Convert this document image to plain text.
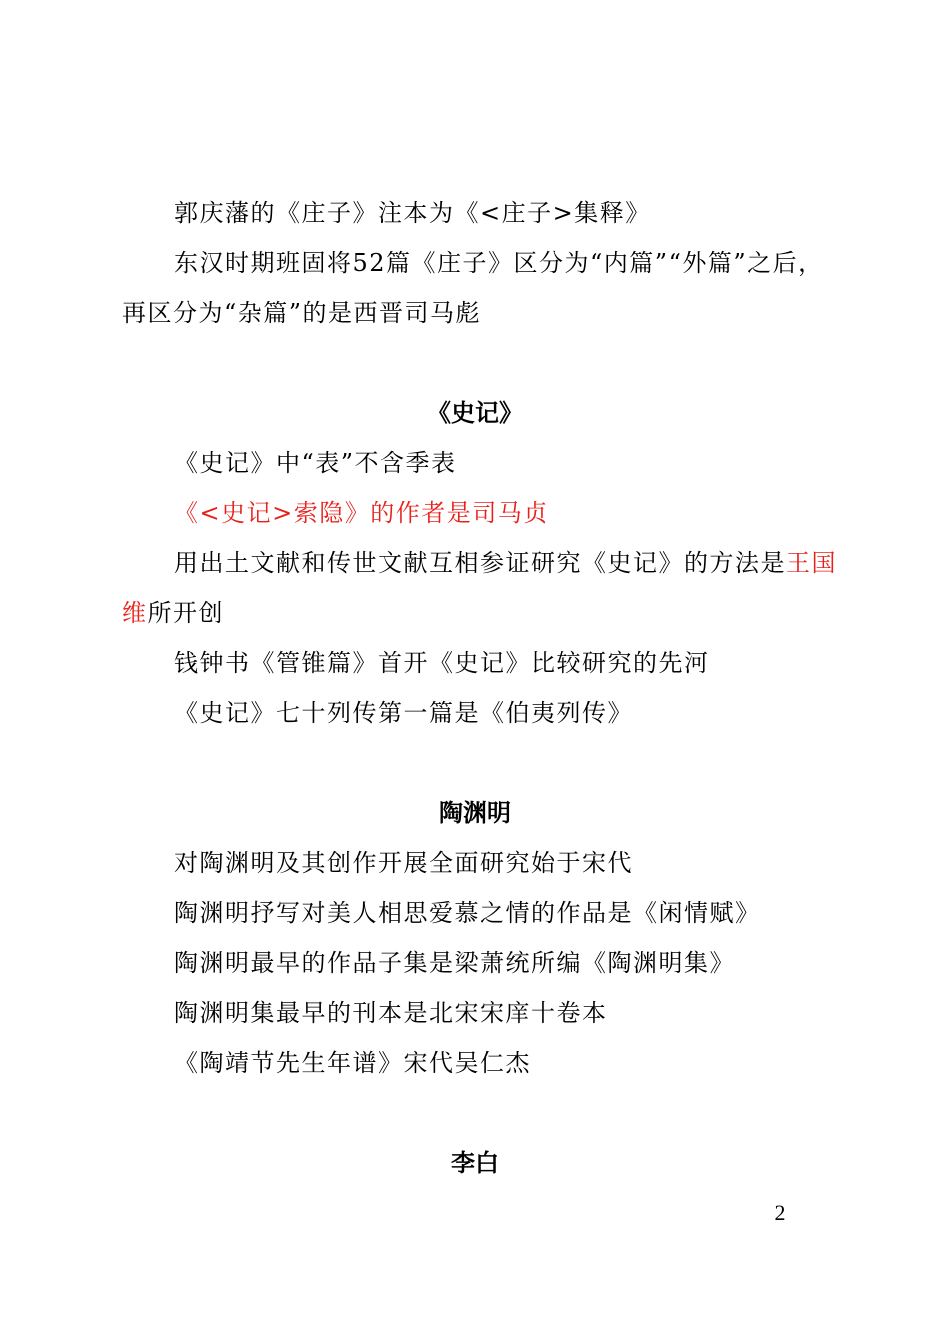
郭庆藩的《庄子》注本为《<庄子>集释》
东汉时期班固将52篇《庄子》区分为“内篇”“外篇”之后，
再区分为“杂篇”的是西晋司马彪
《史记》
《史记》中“表”不含季表
《<史记>索隐》的作者是司马贞
用出土文献和传世文献互相参证研究《史记》的方法是王国
维所开创
钱钟书《管锥篇》首开《史记》比较研究的先河
《史记》七十列传第一篇是《伯夷列传》
陶渊明
对陶渊明及其创作开展全面研究始于宋代
陶渊明抒写对美人相思爱慕之情的作品是《闲情赋》
陶渊明最早的作品子集是梁萧统所编《陶渊明集》
陶渊明集最早的刊本是北宋宋庠十卷本
《陶靖节先生年谱》宋代吴仁杰
李白
2
